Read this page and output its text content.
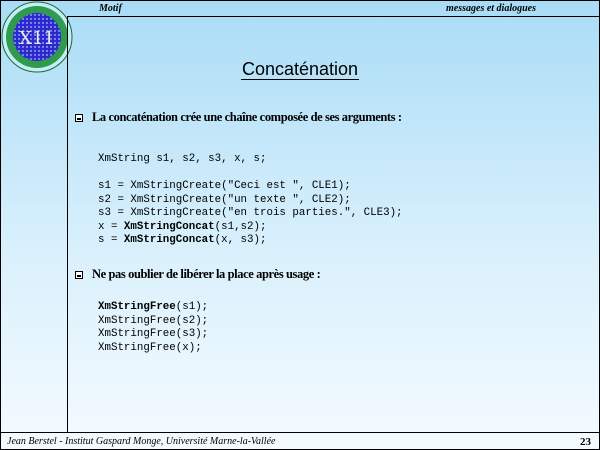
X11
Motif	messages et dialogues
Concaténation
La concaténation crée une chaîne composée de ses arguments :
XmString s1, s2, s3, x, s;
s1 = XmStringCreate("Ceci est ", CLE1);
s2 = XmStringCreate("un texte ", CLE2);
s3 = XmStringCreate("en trois parties.", CLE3);
x = XmStringConcat(s1,s2);
s = XmStringConcat(x, s3);
Ne pas oublier de libérer la place après usage :
XmStringFree(s1);
XmStringFree(s2);
XmStringFree(s3);
XmStringFree(x);
Jean Berstel - Institut Gaspard Monge, Université Marne-la-Vallée	23
